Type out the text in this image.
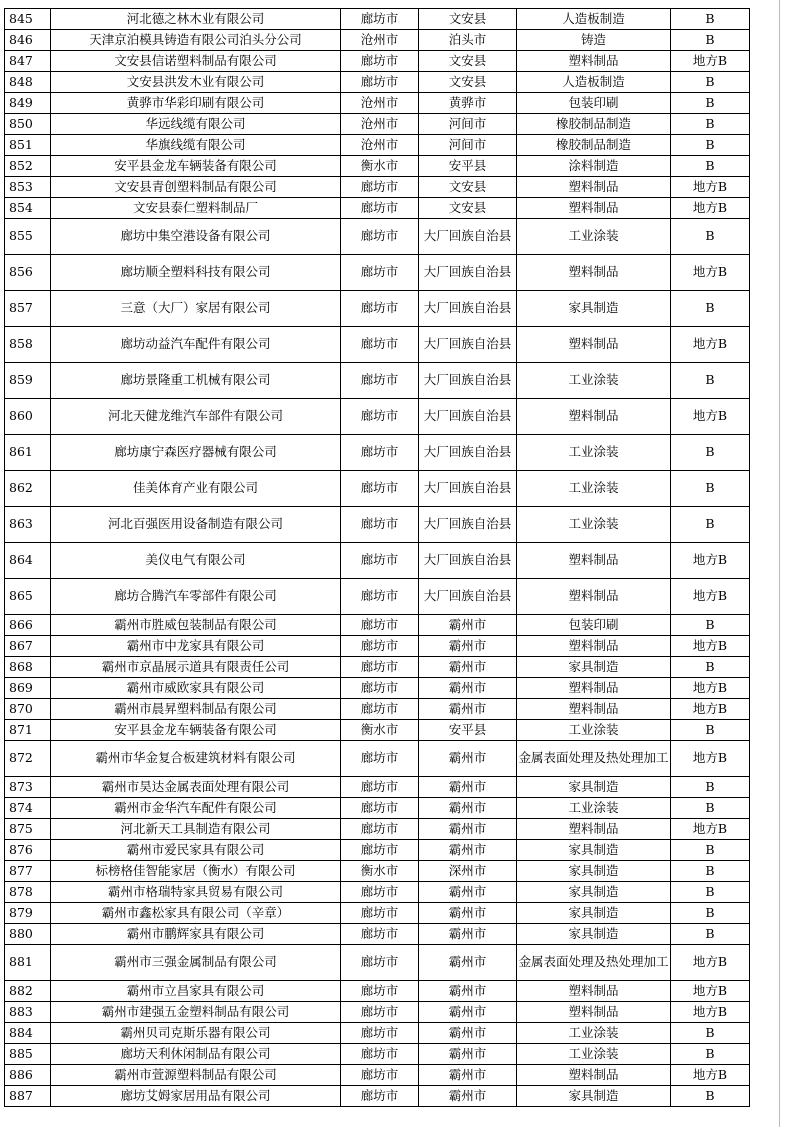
845	河北德之林木业有限公司	廊坊市	文安县	人造板制造	B
846	天津京泊模具铸造有限公司泊头分公司	沧州市	泊头市	铸造	B
847	文安县信诺塑料制品有限公司	廊坊市	文安县	塑料制品	地方B
848	文安县洪发木业有限公司	廊坊市	文安县	人造板制造	B
849	黄骅市华彩印刷有限公司	沧州市	黄骅市	包装印刷	B
850	华远线缆有限公司	沧州市	河间市	橡胶制品制造	B
851	华旗线缆有限公司	沧州市	河间市	橡胶制品制造	B
852	安平县金龙车辆装备有限公司	衡水市	安平县	涂料制造	B
853	文安县青创塑料制品有限公司	廊坊市	文安县	塑料制品	地方B
854	文安县泰仁塑料制品厂	廊坊市	文安县	塑料制品	地方B
855	廊坊中集空港设备有限公司	廊坊市	大厂回族自治县	工业涂装	B
856	廊坊顺全塑料科技有限公司	廊坊市	大厂回族自治县	塑料制品	地方B
857	三意（大厂）家居有限公司	廊坊市	大厂回族自治县	家具制造	B
858	廊坊动益汽车配件有限公司	廊坊市	大厂回族自治县	塑料制品	地方B
859	廊坊景隆重工机械有限公司	廊坊市	大厂回族自治县	工业涂装	B
860	河北天健龙维汽车部件有限公司	廊坊市	大厂回族自治县	塑料制品	地方B
861	廊坊康宁森医疗器械有限公司	廊坊市	大厂回族自治县	工业涂装	B
862	佳美体育产业有限公司	廊坊市	大厂回族自治县	工业涂装	B
863	河北百强医用设备制造有限公司	廊坊市	大厂回族自治县	工业涂装	B
864	美仪电气有限公司	廊坊市	大厂回族自治县	塑料制品	地方B
865	廊坊合腾汽车零部件有限公司	廊坊市	大厂回族自治县	塑料制品	地方B
866	霸州市胜威包装制品有限公司	廊坊市	霸州市	包装印刷	B
867	霸州市中龙家具有限公司	廊坊市	霸州市	塑料制品	地方B
868	霸州市京晶展示道具有限责任公司	廊坊市	霸州市	家具制造	B
869	霸州市威欧家具有限公司	廊坊市	霸州市	塑料制品	地方B
870	霸州市晨昇塑料制品有限公司	廊坊市	霸州市	塑料制品	地方B
871	安平县金龙车辆装备有限公司	衡水市	安平县	工业涂装	B
872	霸州市华金复合板建筑材料有限公司	廊坊市	霸州市	金属表面处理及热处理加工	地方B
873	霸州市昊达金属表面处理有限公司	廊坊市	霸州市	家具制造	B
874	霸州市金华汽车配件有限公司	廊坊市	霸州市	工业涂装	B
875	河北新天工具制造有限公司	廊坊市	霸州市	塑料制品	地方B
876	霸州市爱民家具有限公司	廊坊市	霸州市	家具制造	B
877	标榜格佳智能家居（衡水）有限公司	衡水市	深州市	家具制造	B
878	霸州市格瑞特家具贸易有限公司	廊坊市	霸州市	家具制造	B
879	霸州市鑫松家具有限公司（辛章）	廊坊市	霸州市	家具制造	B
880	霸州市鹏辉家具有限公司	廊坊市	霸州市	家具制造	B
881	霸州市三强金属制品有限公司	廊坊市	霸州市	金属表面处理及热处理加工	地方B
882	霸州市立昌家具有限公司	廊坊市	霸州市	塑料制品	地方B
883	霸州市建强五金塑料制品有限公司	廊坊市	霸州市	塑料制品	地方B
884	霸州贝司克斯乐器有限公司	廊坊市	霸州市	工业涂装	B
885	廊坊天利休闲制品有限公司	廊坊市	霸州市	工业涂装	B
886	霸州市萱源塑料制品有限公司	廊坊市	霸州市	塑料制品	地方B
887	廊坊艾姆家居用品有限公司	廊坊市	霸州市	家具制造	B
